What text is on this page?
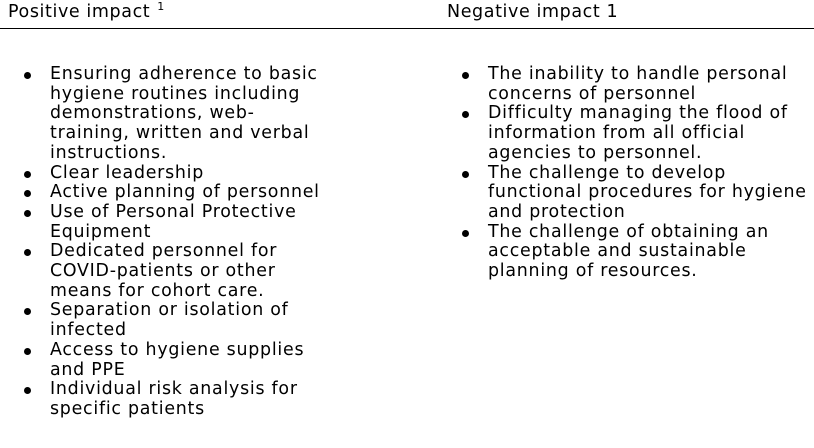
Positive impact $^1$	Negative impact 1
Ensuring adherence to basic hygiene routines including demonstrations, web-training, written and verbal instructions.
Clear leadership
Active planning of personnel
Use of Personal Protective Equipment
Dedicated personnel for COVID-patients or other means for cohort care.
Separation or isolation of infected
Access to hygiene supplies and PPE
Individual risk analysis for specific patients
The inability to handle personal concerns of personnel
Difficulty managing the flood of information from all official agencies to personnel.
The challenge to develop functional procedures for hygiene and protection
The challenge of obtaining an acceptable and sustainable planning of resources.
